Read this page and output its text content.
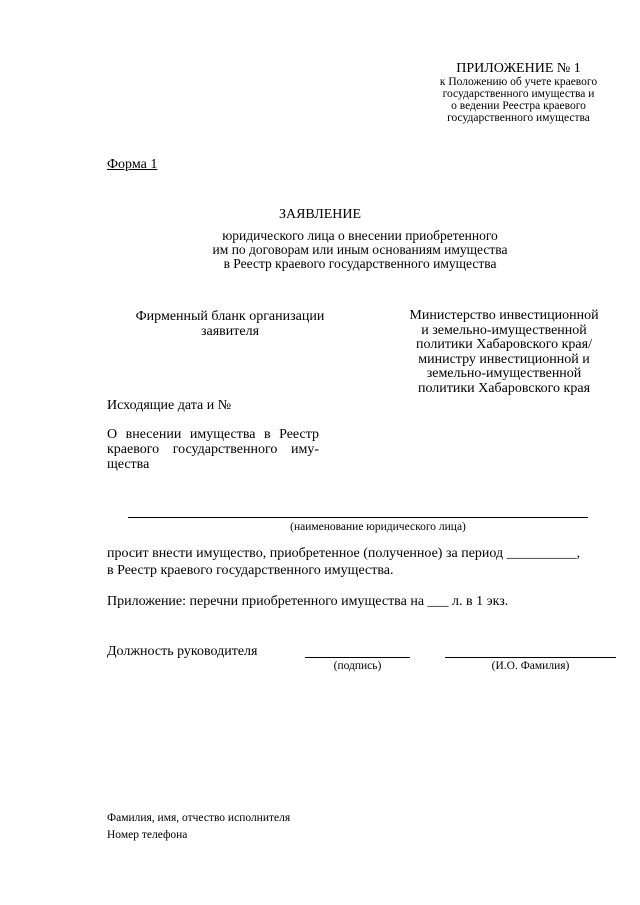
ПРИЛОЖЕНИЕ № 1
к Положению об учете краевого
государственного имущества и
о ведении Реестра краевого
государственного имущества
Форма 1
ЗАЯВЛЕНИЕ
юридического лица о внесении приобретенного
им по договорам или иным основаниям имущества
в Реестр краевого государственного имущества
Фирменный бланк организации
заявителя
Министерство инвестиционной
и земельно-имущественной
политики Хабаровского края/
министру инвестиционной и
земельно-имущественной
политики Хабаровского края
Исходящие дата и №
О внесении имущества в Реестр
краевого государственного иму-
щества
(наименование юридического лица)
просит внести имущество, приобретенное (полученное) за период __________,
в Реестр краевого государственного имущества.
Приложение: перечни приобретенного имущества на ___ л. в 1 экз.
Должность руководителя
(подпись)	(И.О. Фамилия)
Фамилия, имя, отчество исполнителя
Номер телефона
